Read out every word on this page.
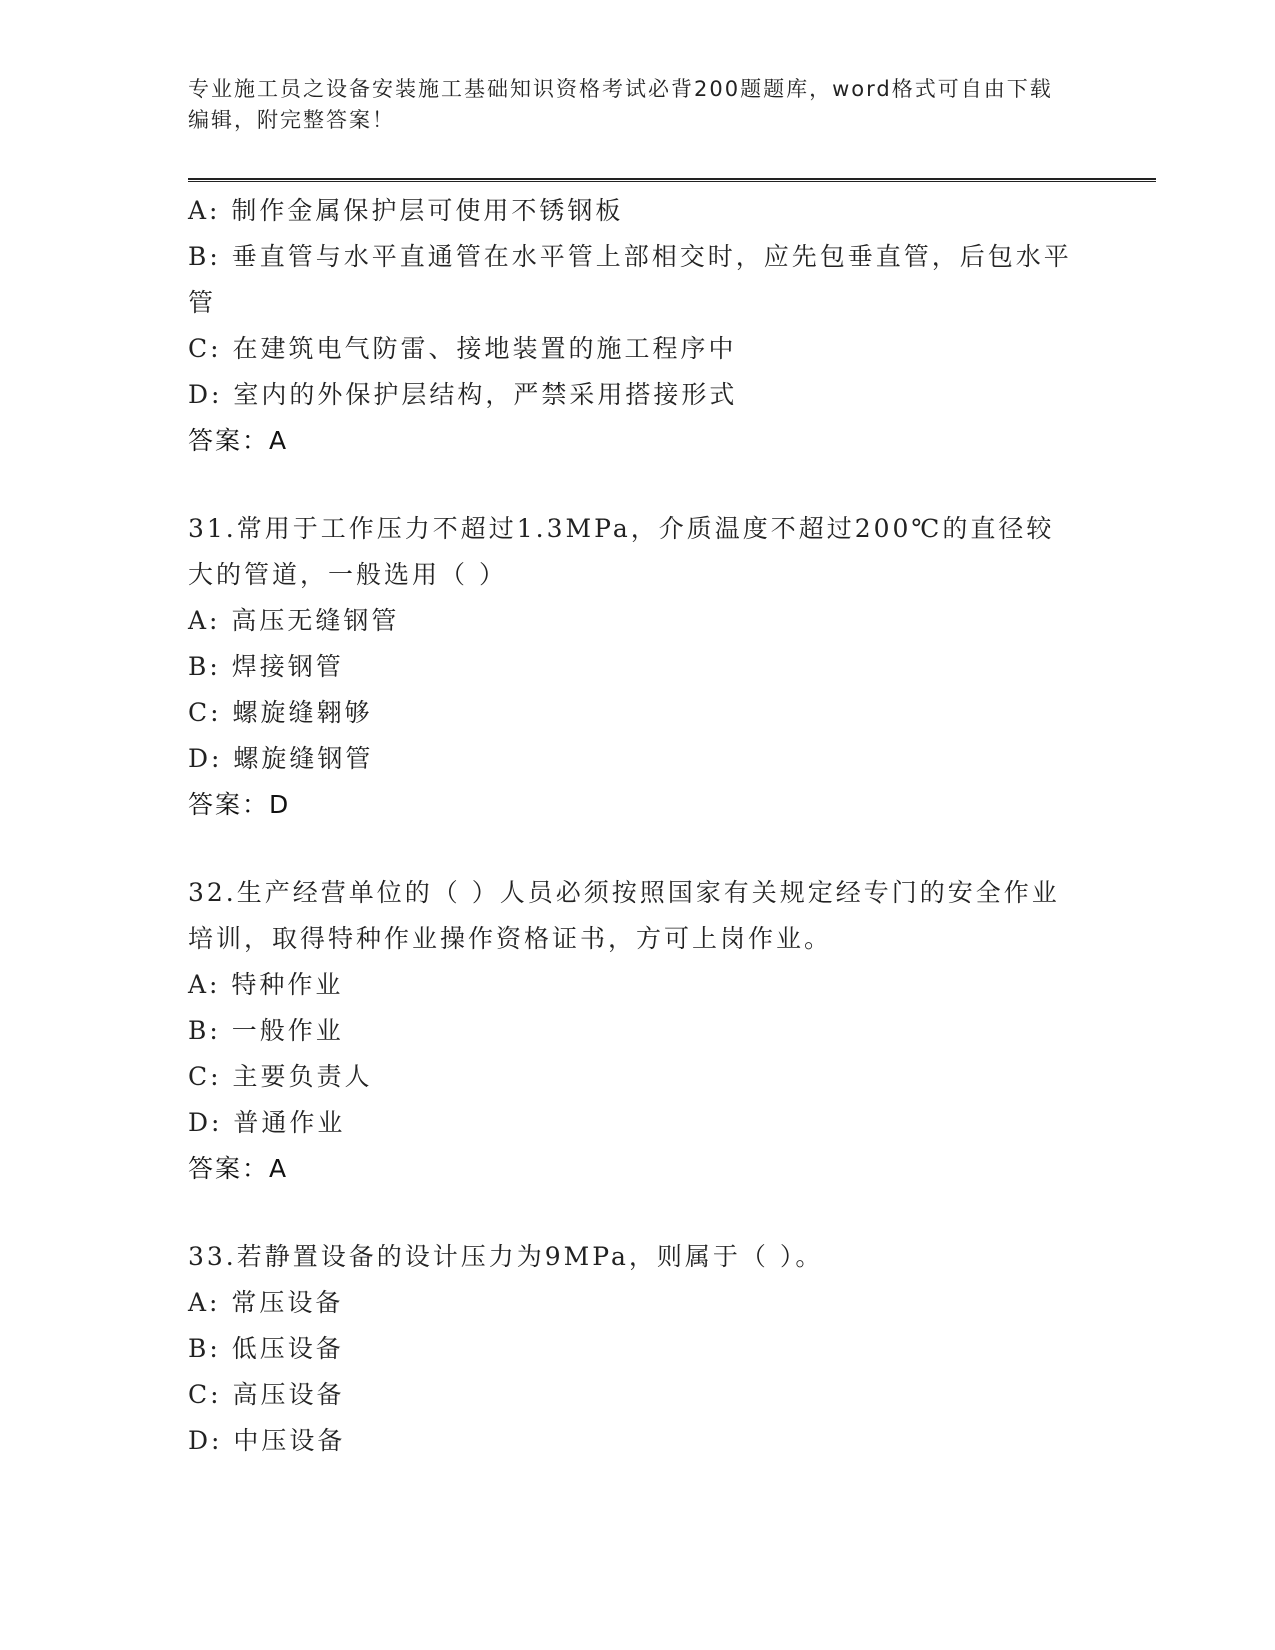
专业施工员之设备安装施工基础知识资格考试必背200题题库，word格式可自由下载编辑，附完整答案！
A: 制作金属保护层可使用不锈钢板
B: 垂直管与水平直通管在水平管上部相交时，应先包垂直管，后包水平管
C: 在建筑电气防雷、接地装置的施工程序中
D: 室内的外保护层结构，严禁采用搭接形式
答案：A
31.常用于工作压力不超过1.3MPa，介质温度不超过200℃的直径较大的管道，一般选用（ ）
A: 高压无缝钢管
B: 焊接钢管
C: 螺旋缝翱够
D: 螺旋缝钢管
答案：D
32.生产经营单位的（ ）人员必须按照国家有关规定经专门的安全作业培训，取得特种作业操作资格证书，方可上岗作业。
A: 特种作业
B: 一般作业
C: 主要负责人
D: 普通作业
答案：A
33.若静置设备的设计压力为9MPa，则属于（ ）。
A: 常压设备
B: 低压设备
C: 高压设备
D: 中压设备
